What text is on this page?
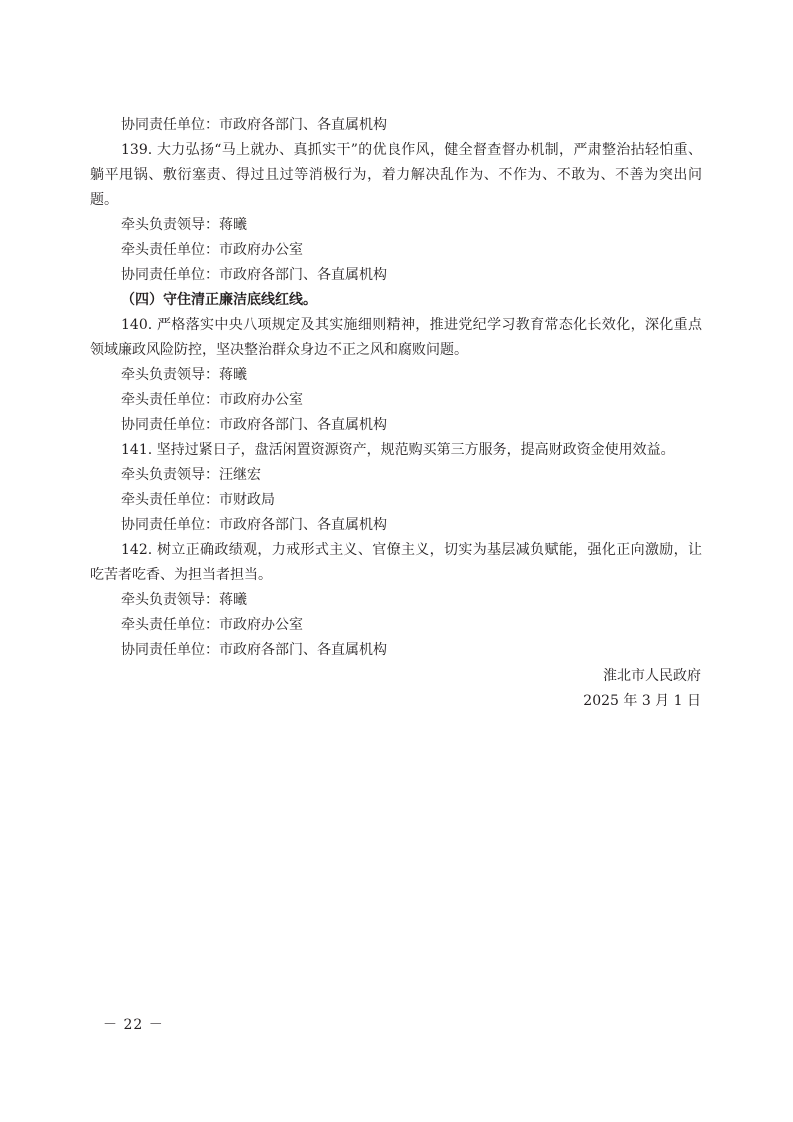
协同责任单位：市政府各部门、各直属机构

139. 大力弘扬“马上就办、真抓实干”的优良作风，健全督查督办机制，严肃整治拈轻怕重、躺平甩锅、敷衍塞责、得过且过等消极行为，着力解决乱作为、不作为、不敢为、不善为突出问题。

牵头负责领导：蒋曦

牵头责任单位：市政府办公室

协同责任单位：市政府各部门、各直属机构

（四）守住清正廉洁底线红线。

140. 严格落实中央八项规定及其实施细则精神，推进党纪学习教育常态化长效化，深化重点领域廉政风险防控，坚决整治群众身边不正之风和腐败问题。

牵头负责领导：蒋曦

牵头责任单位：市政府办公室

协同责任单位：市政府各部门、各直属机构

141. 坚持过紧日子，盘活闲置资源资产，规范购买第三方服务，提高财政资金使用效益。

牵头负责领导：汪继宏

牵头责任单位：市财政局

协同责任单位：市政府各部门、各直属机构

142. 树立正确政绩观，力戒形式主义、官僚主义，切实为基层减负赋能，强化正向激励，让吃苦者吃香、为担当者担当。

牵头负责领导：蒋曦

牵头责任单位：市政府办公室

协同责任单位：市政府各部门、各直属机构

淮北市人民政府
2025 年 3 月 1 日
－ 22 －
